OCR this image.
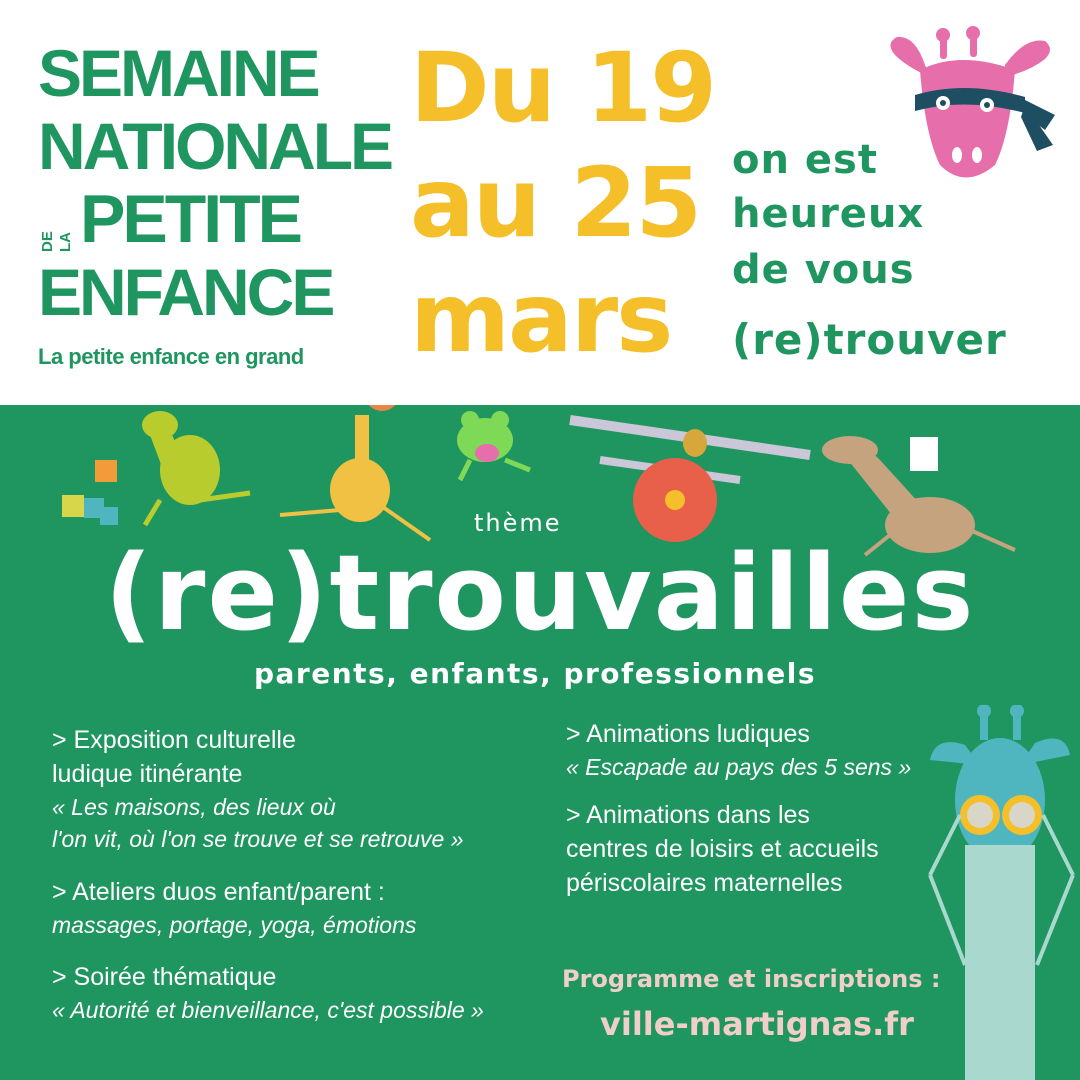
SEMAINE
NATIONALE
DE LA PETITE
ENFANCE
La petite enfance en grand
Du 19
au 25
mars
on est
heureux
de vous
(re)trouver
thème
(re)trouvailles
parents, enfants, professionnels
> Exposition culturelle
ludique itinérante
« Les maisons, des lieux où
l'on vit, où l'on se trouve et se retrouve »
> Ateliers duos enfant/parent :
massages, portage, yoga, émotions
> Soirée thématique
« Autorité et bienveillance, c'est possible »
> Animations ludiques
« Escapade au pays des 5 sens »
> Animations dans les
centres de loisirs et accueils
périscolaires maternelles
Programme et inscriptions :
ville-martignas.fr
